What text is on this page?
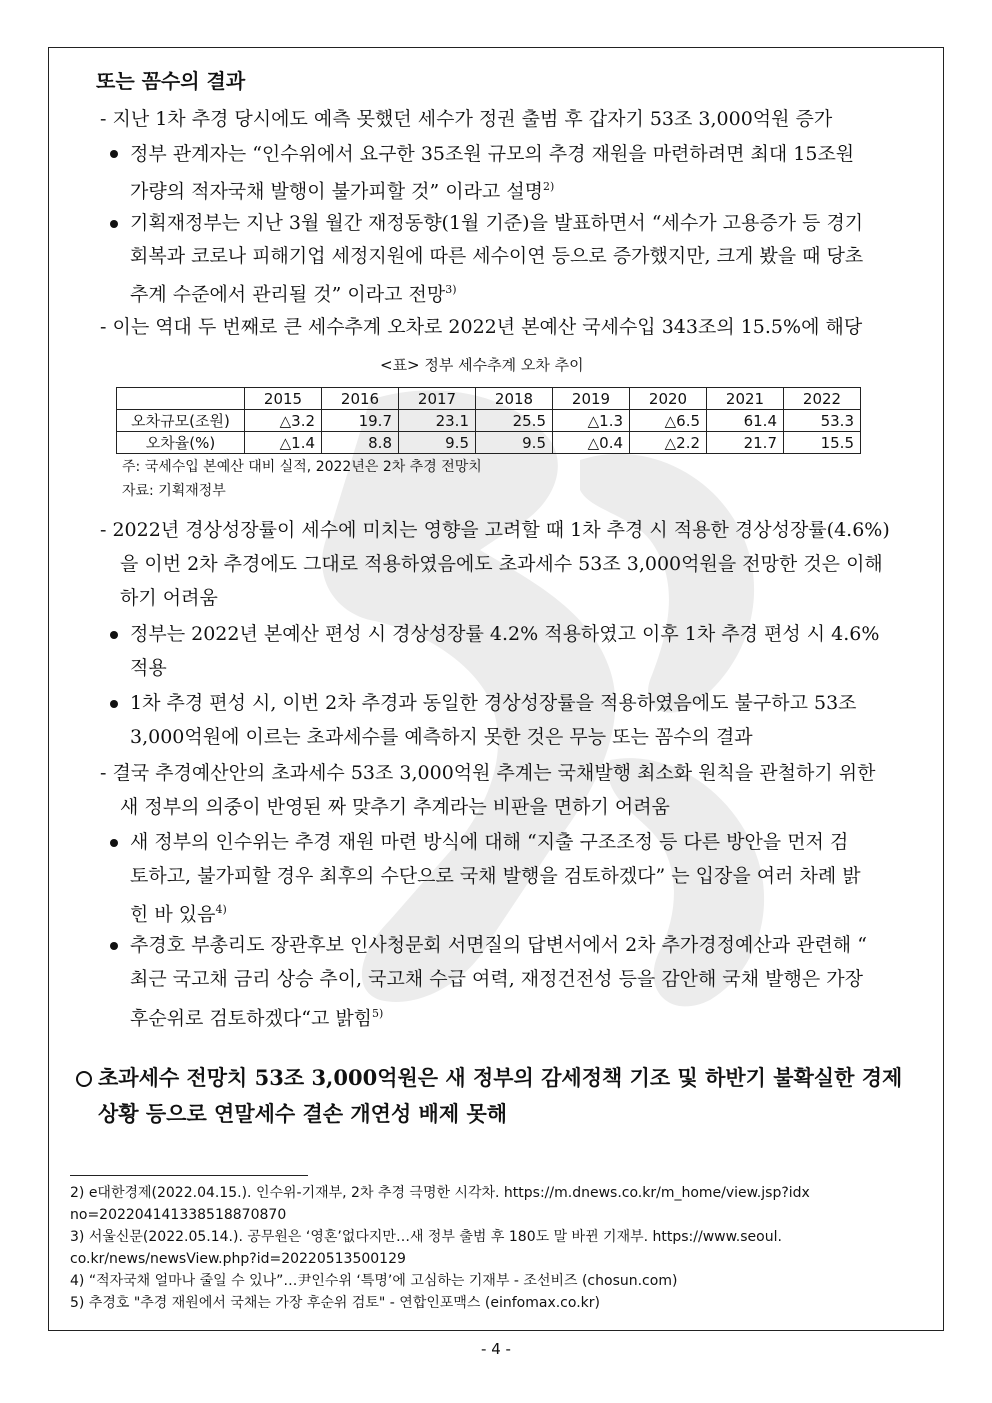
또는 꼼수의 결과
- 지난 1차 추경 당시에도 예측 못했던 세수가 정권 출범 후 갑자기 53조 3,000억원 증가
정부 관계자는 “인수위에서 요구한 35조원 규모의 추경 재원을 마련하려면 최대 15조원
가량의 적자국채 발행이 불가피할 것” 이라고 설명$^{2)}$
기획재정부는 지난 3월 월간 재정동향(1월 기준)을 발표하면서 “세수가 고용증가 등 경기
회복과 코로나 피해기업 세정지원에 따른 세수이연 등으로 증가했지만, 크게 봤을 때 당초
추계 수준에서 관리될 것” 이라고 전망$^{3)}$
- 이는 역대 두 번째로 큰 세수추계 오차로 2022년 본예산 국세수입 343조의 15.5%에 해당
<표> 정부 세수추계 오차 추이
	2015	2016	2017	2018	2019	2020	2021	2022
오차규모(조원)	△3.2	19.7	23.1	25.5	△1.3	△6.5	61.4	53.3
오차율(%)	△1.4	8.8	9.5	9.5	△0.4	△2.2	21.7	15.5
주: 국세수입 본예산 대비 실적, 2022년은 2차 추경 전망치
자료: 기획재정부
- 2022년 경상성장률이 세수에 미치는 영향을 고려할 때 1차 추경 시 적용한 경상성장률(4.6%)
을 이번 2차 추경에도 그대로 적용하였음에도 초과세수 53조 3,000억원을 전망한 것은 이해
하기 어려움
정부는 2022년 본예산 편성 시 경상성장률 4.2% 적용하였고 이후 1차 추경 편성 시 4.6%
적용
1차 추경 편성 시, 이번 2차 추경과 동일한 경상성장률을 적용하였음에도 불구하고 53조
3,000억원에 이르는 초과세수를 예측하지 못한 것은 무능 또는 꼼수의 결과
- 결국 추경예산안의 초과세수 53조 3,000억원 추계는 국채발행 최소화 원칙을 관철하기 위한
새 정부의 의중이 반영된 짜 맞추기 추계라는 비판을 면하기 어려움
새 정부의 인수위는 추경 재원 마련 방식에 대해 “지출 구조조정 등 다른 방안을 먼저 검
토하고, 불가피할 경우 최후의 수단으로 국채 발행을 검토하겠다” 는 입장을 여러 차례 밝
힌 바 있음$^{4)}$
추경호 부총리도 장관후보 인사청문회 서면질의 답변서에서 2차 추가경정예산과 관련해 “
최근 국고채 금리 상승 추이, 국고채 수급 여력, 재정건전성 등을 감안해 국채 발행은 가장
후순위로 검토하겠다“고 밝힘$^{5)}$
초과세수 전망치 53조 3,000억원은 새 정부의 감세정책 기조 및 하반기 불확실한 경제
상황 등으로 연말세수 결손 개연성 배제 못해
2) e대한경제(2022.04.15.). 인수위-기재부, 2차 추경 극명한 시각차. https://m.dnews.co.kr/m_home/view.jsp?idx
no=202204141338518870870
3) 서울신문(2022.05.14.). 공무원은 ‘영혼’없다지만…새 정부 출범 후 180도 말 바뀐 기재부. https://www.seoul.
co.kr/news/newsView.php?id=20220513500129
4) “적자국채 얼마나 줄일 수 있나”…尹인수위 ‘특명’에 고심하는 기재부 - 조선비즈 (chosun.com)
5) 추경호 "추경 재원에서 국채는 가장 후순위 검토" - 연합인포맥스 (einfomax.co.kr)
- 4 -
